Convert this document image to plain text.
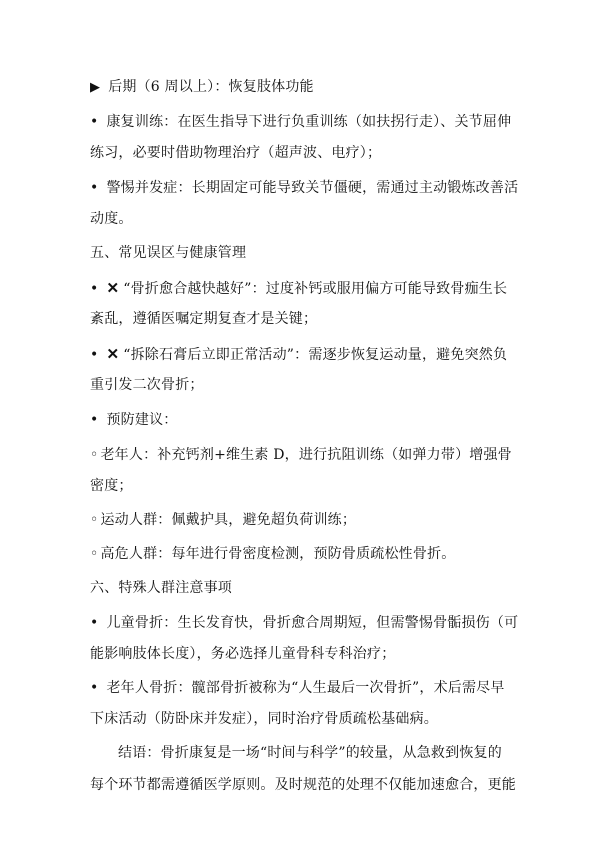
▶ 后期（6 周以上）：恢复肢体功能
• 康复训练：在医生指导下进行负重训练（如扶拐行走）、关节屈伸
练习，必要时借助物理治疗（超声波、电疗）；
• 警惕并发症：长期固定可能导致关节僵硬，需通过主动锻炼改善活
动度。
五、常见误区与健康管理
• ✕ “骨折愈合越快越好”：过度补钙或服用偏方可能导致骨痂生长
紊乱，遵循医嘱定期复查才是关键；
• ✕ “拆除石膏后立即正常活动”：需逐步恢复运动量，避免突然负
重引发二次骨折；
• 预防建议：
◦ 老年人：补充钙剂+维生素 D，进行抗阻训练（如弹力带）增强骨
密度；
◦ 运动人群：佩戴护具，避免超负荷训练；
◦ 高危人群：每年进行骨密度检测，预防骨质疏松性骨折。
六、特殊人群注意事项
• 儿童骨折：生长发育快，骨折愈合周期短，但需警惕骨骺损伤（可
能影响肢体长度），务必选择儿童骨科专科治疗；
• 老年人骨折：髋部骨折被称为“人生最后一次骨折”，术后需尽早
下床活动（防卧床并发症），同时治疗骨质疏松基础病。
结语：骨折康复是一场“时间与科学”的较量，从急救到恢复的
每个环节都需遵循医学原则。及时规范的处理不仅能加速愈合，更能
